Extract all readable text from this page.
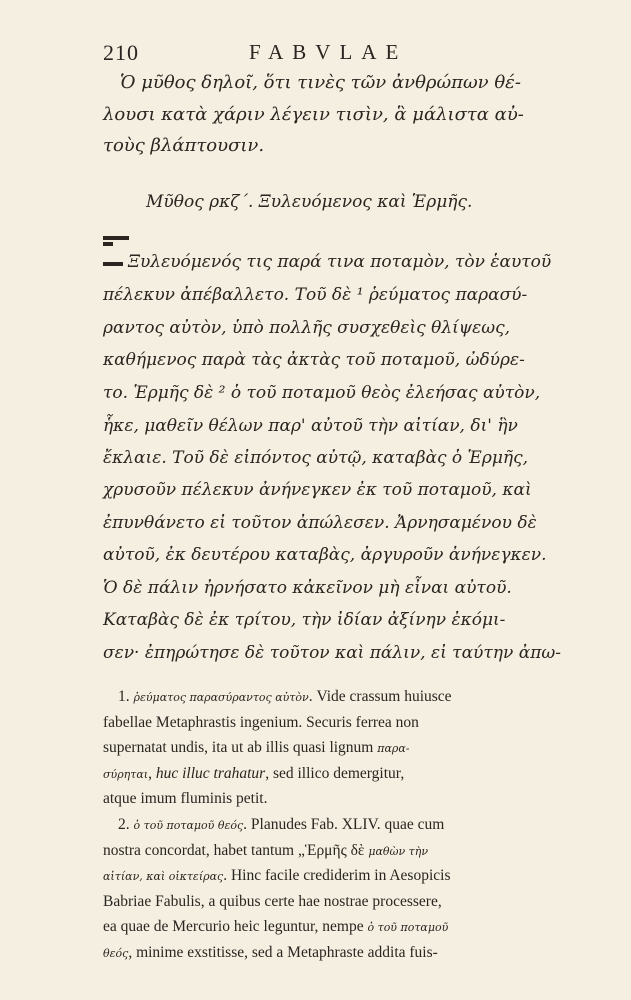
210	FABVLAE
Ὁ μῦθος δηλοῖ, ὅτι τινὲς τῶν ἀνθρώπων θέ-
λουσι κατὰ χάριν λέγειν τισὶν, ἃ μάλιστα αὐ-
τοὺς βλάπτουσιν.
Μῦθος ρκζ΄. Ξυλευόμενος καὶ Ἑρμῆς.
Ξυλευόμενός τις παρά τινα ποταμὸν, τὸν ἑαυτοῦ
πέλεκυν ἀπέβαλλετο. Τοῦ δὲ ¹ ῥεύματος παρασύ-
ραντος αὐτὸν, ὑπὸ πολλῆς συσχεθεὶς θλίψεως,
καθήμενος παρὰ τὰς ἀκτὰς τοῦ ποταμοῦ, ὠδύρε-
το. Ἑρμῆς δὲ ² ὁ τοῦ ποταμοῦ θεὸς ἐλεήσας αὐτὸν,
ἧκε, μαθεῖν θέλων παρ' αὐτοῦ τὴν αἰτίαν, δι' ἣν
ἔκλαιε. Τοῦ δὲ εἰπόντος αὐτῷ, καταβὰς ὁ Ἑρμῆς,
χρυσοῦν πέλεκυν ἀνήνεγκεν ἐκ τοῦ ποταμοῦ, καὶ
ἐπυνθάνετο εἰ τοῦτον ἀπώλεσεν. Ἀρνησαμένου δὲ
αὐτοῦ, ἐκ δευτέρου καταβὰς, ἀργυροῦν ἀνήνεγκεν.
Ὁ δὲ πάλιν ἠρνήσατο κἀκεῖνον μὴ εἶναι αὐτοῦ.
Καταβὰς δὲ ἐκ τρίτου, τὴν ἰδίαν ἀξίνην ἐκόμι-
σεν· ἐπηρώτησε δὲ τοῦτον καὶ πάλιν, εἰ ταύτην ἀπω-
1. ῥεύματος παρασύραντος αὐτὸν. Vide crassum huiusce
fabellae Metaphrastis ingenium. Securis ferrea non
supernatat undis, ita ut ab illis quasi lignum παρα-
σύρηται, huc illuc trahatur, sed illico demergitur,
atque imum fluminis petit.
2. ὁ τοῦ ποταμοῦ θεός. Planudes Fab. XLIV. quae cum
nostra concordat, habet tantum „Ἑρμῆς δὲ μαθὼν τὴν
αἰτίαν, καὶ οἰκτείρας. Hinc facile crediderim in Aesopicis
Babriae Fabulis, a quibus certe hae nostrae processere,
ea quae de Mercurio heic leguntur, nempe ὁ τοῦ ποταμοῦ
θεός, minime exstitisse, sed a Metaphraste addita fuis-
